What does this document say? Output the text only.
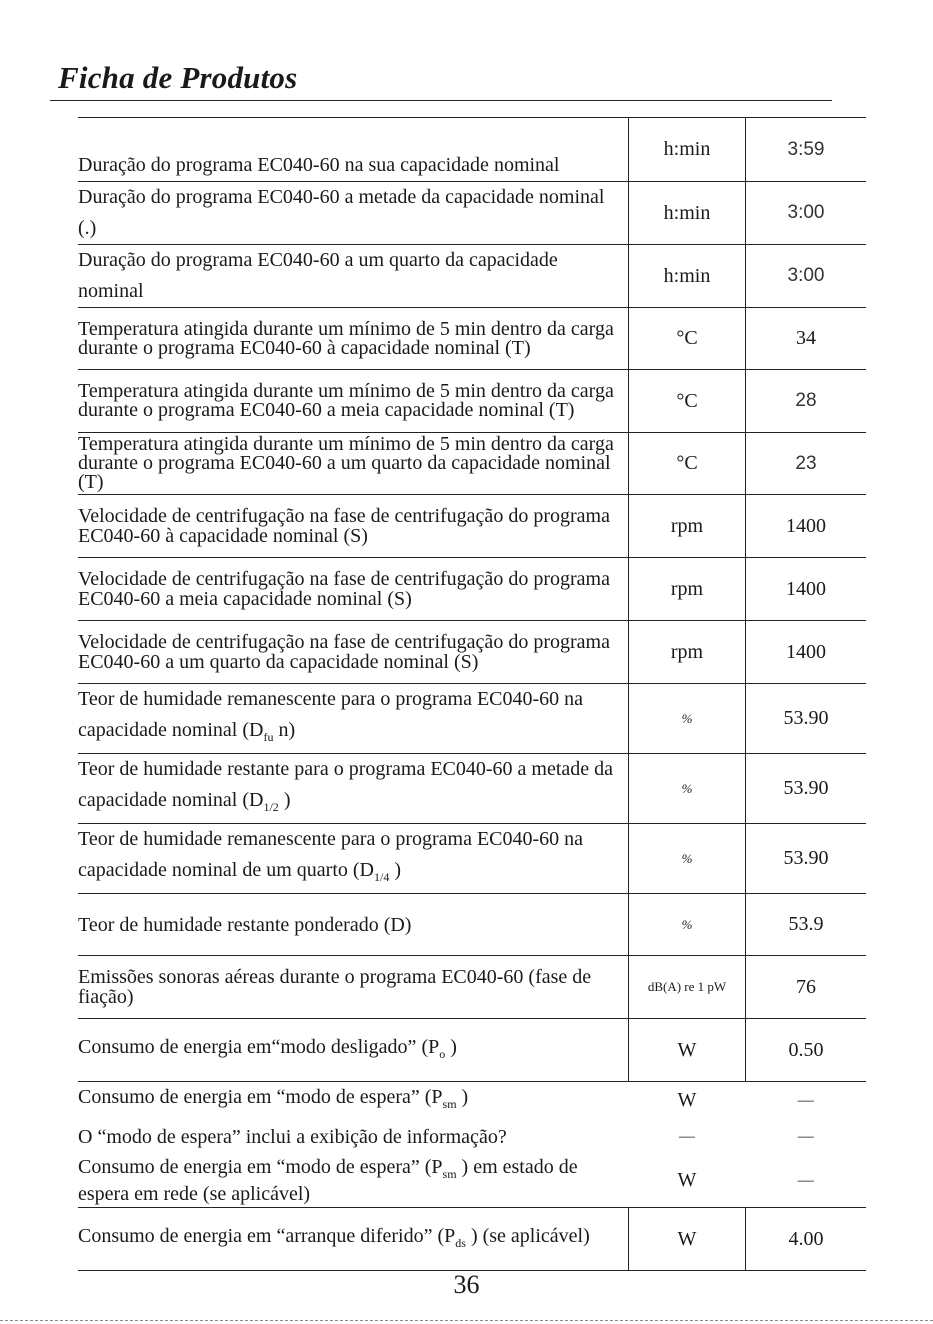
Ficha de Produtos
Duração do programa EC040-60 na sua capacidade nominal	h:min	3:59
Duração do programa EC040-60 a metade da capacidade nominal (.)	h:min	3:00
Duração do programa EC040-60 a um quarto da capacidade nominal	h:min	3:00
Temperatura atingida durante um mínimo de 5 min dentro da carga durante o programa EC040-60 à capacidade nominal (T)	°C	34
Temperatura atingida durante um mínimo de 5 min dentro da carga durante o programa EC040-60 a meia capacidade nominal (T)	°C	28
Temperatura atingida durante um mínimo de 5 min dentro da carga durante o programa EC040-60 a um quarto da capacidade nominal (T)	°C	23
Velocidade de centrifugação na fase de centrifugação do programa EC040-60 à capacidade nominal (S)	rpm	1400
Velocidade de centrifugação na fase de centrifugação do programa EC040-60 a meia capacidade nominal (S)	rpm	1400
Velocidade de centrifugação na fase de centrifugação do programa EC040-60 a um quarto da capacidade nominal (S)	rpm	1400
Teor de humidade remanescente para o programa EC040-60 na capacidade nominal ($D_{fu}$ n)	%	53.90
Teor de humidade restante para o programa EC040-60 a metade da capacidade nominal ($D_{1/2}$ )	%	53.90
Teor de humidade remanescente para o programa EC040-60 na capacidade nominal de um quarto ($D_{1/4}$ )	%	53.90
Teor de humidade restante ponderado (D)	%	53.9
Emissões sonoras aéreas durante o programa EC040-60 (fase de fiação)	dB(A) re 1 pW	76
Consumo de energia em“modo desligado” ($P_o$ )	W	0.50
Consumo de energia em “modo de espera” ($P_{sm}$ )	W	—
O “modo de espera” inclui a exibição de informação?	—	—
Consumo de energia em “modo de espera” ($P_{sm}$ ) em estado de espera em rede (se aplicável)	W	—
Consumo de energia em “arranque diferido” ($P_{ds}$ ) (se aplicável)	W	4.00
36
